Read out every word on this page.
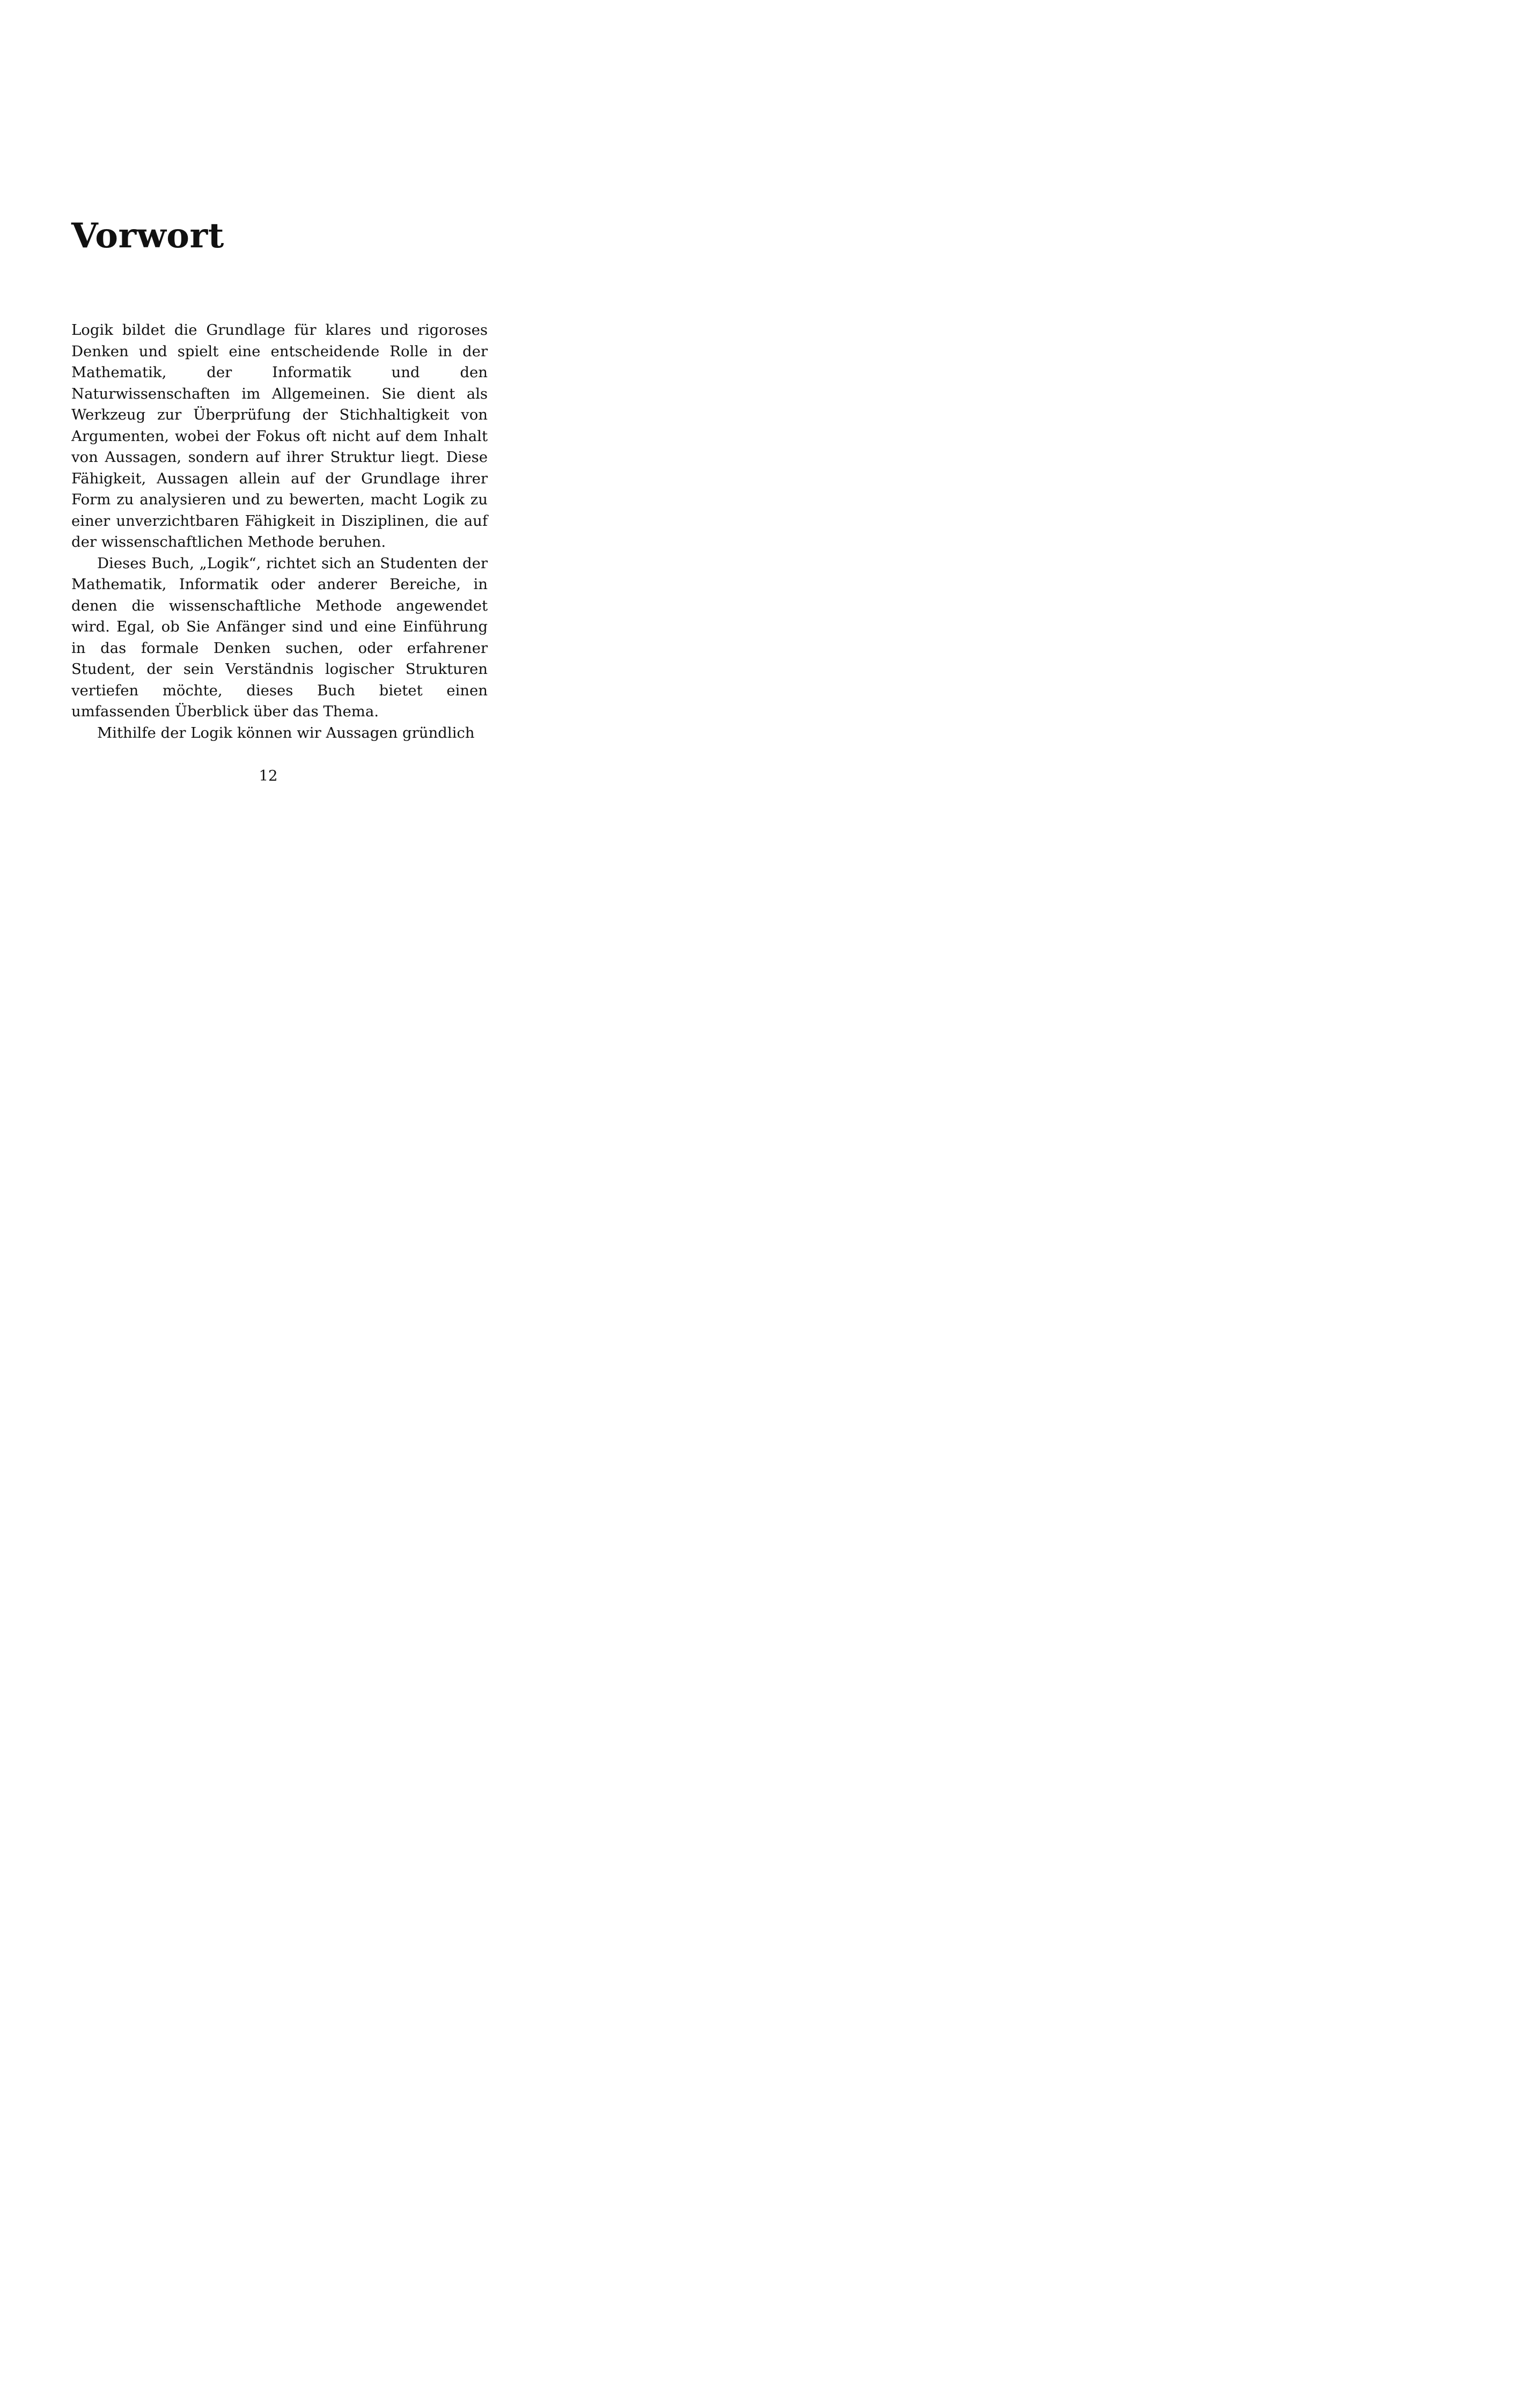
Vorwort

Logik bildet die Grundlage für klares und rigoroses Denken und spielt eine entscheidende Rolle in der Mathematik, der Informatik und den Naturwissenschaften im Allgemeinen. Sie dient als Werkzeug zur Überprüfung der Stichhaltigkeit von Argumenten, wobei der Fokus oft nicht auf dem Inhalt von Aussagen, sondern auf ihrer Struktur liegt. Diese Fähigkeit, Aussagen allein auf der Grundlage ihrer Form zu analysieren und zu bewerten, macht Logik zu einer unverzichtbaren Fähigkeit in Disziplinen, die auf der wissenschaftlichen Methode beruhen.

Dieses Buch, „Logik“, richtet sich an Studenten der Mathematik, Informatik oder anderer Bereiche, in denen die wissenschaftliche Methode angewendet wird. Egal, ob Sie Anfänger sind und eine Einführung in das formale Denken suchen, oder erfahrener Student, der sein Verständnis logischer Strukturen vertiefen möchte, dieses Buch bietet einen umfassenden Überblick über das Thema.

Mithilfe der Logik können wir Aussagen gründlich

12
